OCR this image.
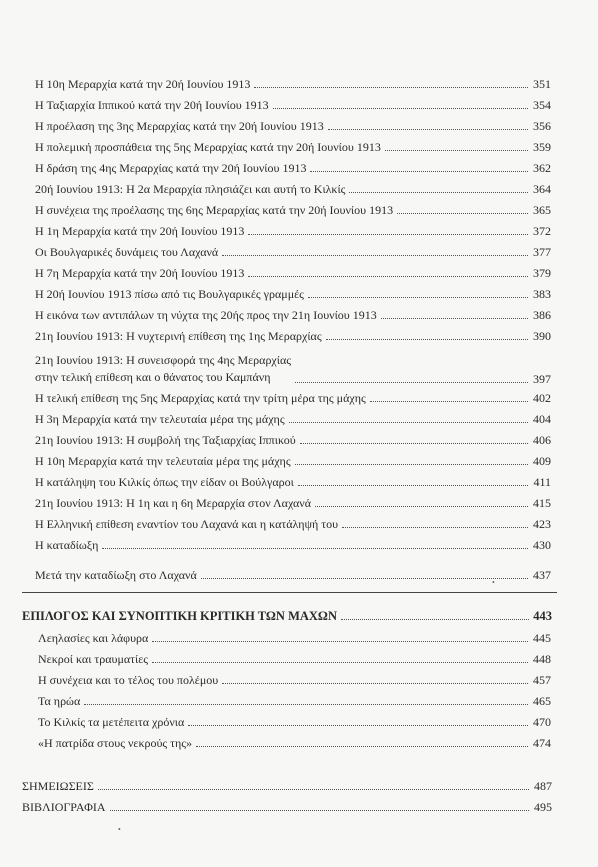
Η 10η Μεραρχία κατά την 20ή Ιουνίου 1913	351
Η Ταξιαρχία Ιππικού κατά την 20ή Ιουνίου 1913	354
Η προέλαση της 3ης Μεραρχίας κατά την 20ή Ιουνίου 1913	356
Η πολεμική προσπάθεια της 5ης Μεραρχίας κατά την 20ή Ιουνίου 1913	359
Η δράση της 4ης Μεραρχίας κατά την 20ή Ιουνίου 1913	362
20ή Ιουνίου 1913: Η 2α Μεραρχία πλησιάζει και αυτή το Κιλκίς	364
Η συνέχεια της προέλασης της 6ης Μεραρχίας κατά την 20ή Ιουνίου 1913	365
Η 1η Μεραρχία κατά την 20ή Ιουνίου 1913	372
Οι Βουλγαρικές δυνάμεις του Λαχανά	377
Η 7η Μεραρχία κατά την 20ή Ιουνίου 1913	379
Η 20ή Ιουνίου 1913 πίσω από τις Βουλγαρικές γραμμές	383
Η εικόνα των αντιπάλων τη νύχτα της 20ής προς την 21η Ιουνίου 1913	386
21η Ιουνίου 1913: Η νυχτερινή επίθεση της 1ης Μεραρχίας	390
21η Ιουνίου 1913: Η συνεισφορά της 4ης Μεραρχίας
στην τελική επίθεση και ο θάνατος του Καμπάνη	397
Η τελική επίθεση της 5ης Μεραρχίας κατά την τρίτη μέρα της μάχης	402
Η 3η Μεραρχία κατά την τελευταία μέρα της μάχης	404
21η Ιουνίου 1913: Η συμβολή της Ταξιαρχίας Ιππικού	406
Η 10η Μεραρχία κατά την τελευταία μέρα της μάχης	409
Η κατάληψη του Κιλκίς όπως την είδαν οι Βούλγαροι	411
21η Ιουνίου 1913: Η 1η και η 6η Μεραρχία στον Λαχανά	415
Η Ελληνική επίθεση εναντίον του Λαχανά και η κατάληψή του	423
Η καταδίωξη	430
Μετά την καταδίωξη στο Λαχανά	437
•
ΕΠΙΛΟΓΟΣ ΚΑΙ ΣΥΝΟΠΤΙΚΗ ΚΡΙΤΙΚΗ ΤΩΝ ΜΑΧΩΝ	443
Λεηλασίες και λάφυρα	445
Νεκροί και τραυματίες	448
Η συνέχεια και το τέλος του πολέμου	457
Τα ηρώα	465
Το Κιλκίς τα μετέπειτα χρόνια	470
«Η πατρίδα στους νεκρούς της»	474
ΣΗΜΕΙΩΣΕΙΣ	487
ΒΙΒΛΙΟΓΡΑΦΙΑ	495
•
